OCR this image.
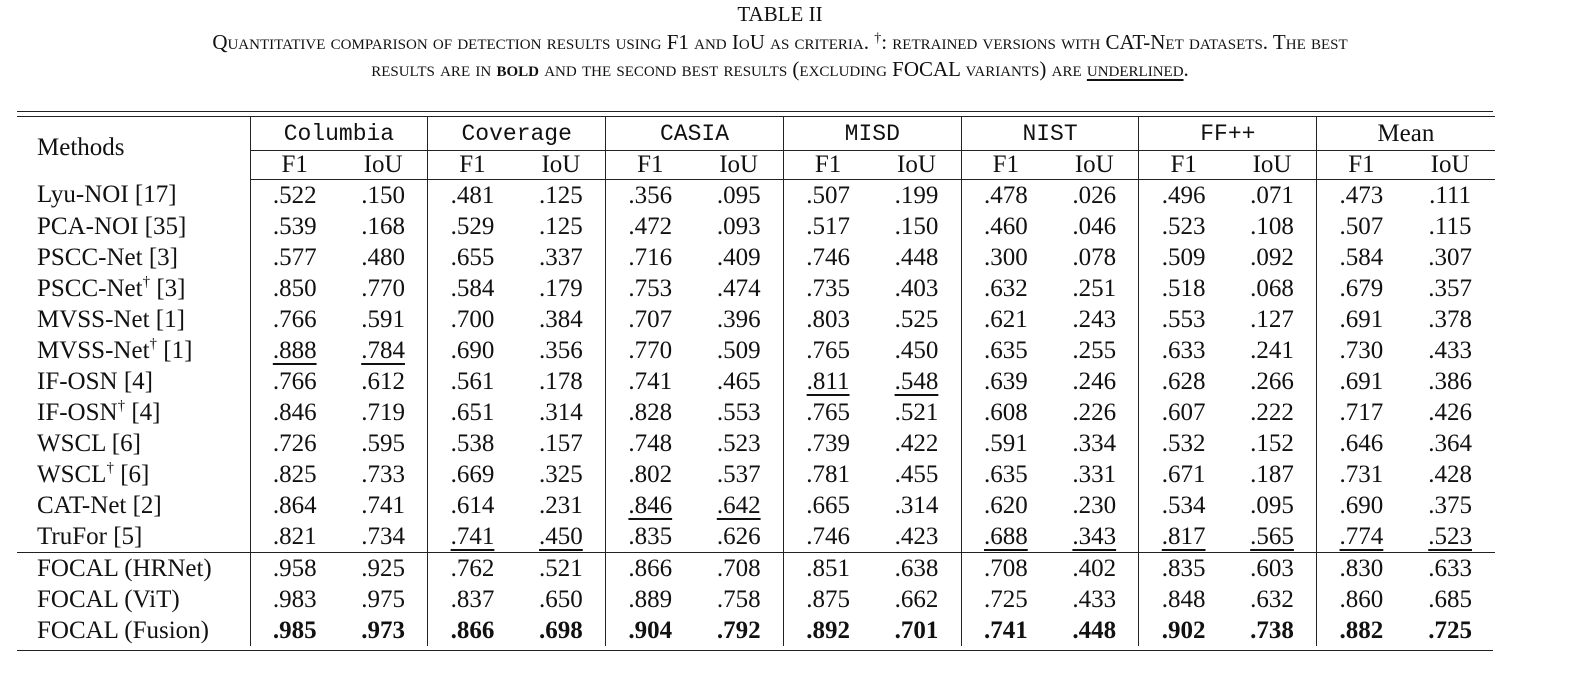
TABLE II
Quantitative comparison of detection results using F1 and IoU as criteria. †: retrained versions with CAT-Net datasets. The best
results are in bold and the second best results (excluding FOCAL variants) are underlined.
Methods	Columbia		Coverage		CASIA		MISD		NIST		FF++		Mean	
	F1	IoU	F1	IoU	F1	IoU	F1	IoU	F1	IoU	F1	IoU	F1	IoU
Lyu-NOI [17]	.522	.150	.481	.125	.356	.095	.507	.199	.478	.026	.496	.071	.473	.111
PCA-NOI [35]	.539	.168	.529	.125	.472	.093	.517	.150	.460	.046	.523	.108	.507	.115
PSCC-Net [3]	.577	.480	.655	.337	.716	.409	.746	.448	.300	.078	.509	.092	.584	.307
PSCC-Net† [3]	.850	.770	.584	.179	.753	.474	.735	.403	.632	.251	.518	.068	.679	.357
MVSS-Net [1]	.766	.591	.700	.384	.707	.396	.803	.525	.621	.243	.553	.127	.691	.378
MVSS-Net† [1]	.888	.784	.690	.356	.770	.509	.765	.450	.635	.255	.633	.241	.730	.433
IF-OSN [4]	.766	.612	.561	.178	.741	.465	.811	.548	.639	.246	.628	.266	.691	.386
IF-OSN† [4]	.846	.719	.651	.314	.828	.553	.765	.521	.608	.226	.607	.222	.717	.426
WSCL [6]	.726	.595	.538	.157	.748	.523	.739	.422	.591	.334	.532	.152	.646	.364
WSCL† [6]	.825	.733	.669	.325	.802	.537	.781	.455	.635	.331	.671	.187	.731	.428
CAT-Net [2]	.864	.741	.614	.231	.846	.642	.665	.314	.620	.230	.534	.095	.690	.375
TruFor [5]	.821	.734	.741	.450	.835	.626	.746	.423	.688	.343	.817	.565	.774	.523
FOCAL (HRNet)	.958	.925	.762	.521	.866	.708	.851	.638	.708	.402	.835	.603	.830	.633
FOCAL (ViT)	.983	.975	.837	.650	.889	.758	.875	.662	.725	.433	.848	.632	.860	.685
FOCAL (Fusion)	.985	.973	.866	.698	.904	.792	.892	.701	.741	.448	.902	.738	.882	.725
